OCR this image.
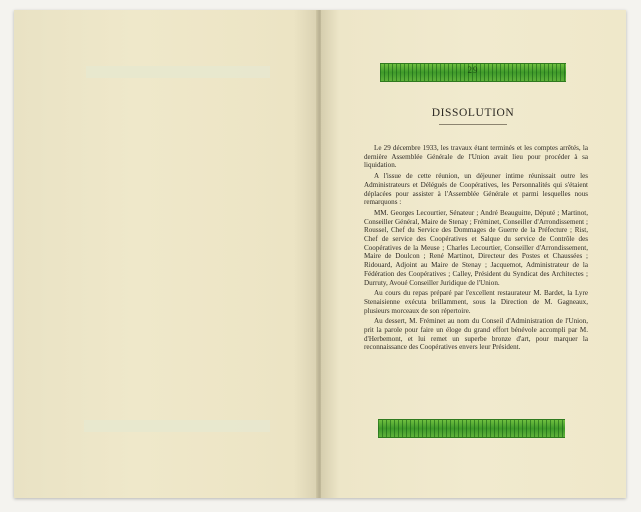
29
DISSOLUTION

Le 29 décembre 1933, les travaux étant terminés et les comptes arrêtés, la dernière Assemblée Générale de l'Union avait lieu pour procéder à sa liquidation.

A l'issue de cette réunion, un déjeuner intime réunissait outre les Administrateurs et Délégués de Coopératives, les Personnalités qui s'étaient déplacées pour assister à l'Assemblée Générale et parmi lesquelles nous remarquons :

MM. Georges Lecourtier, Sénateur ; André Beauguitte, Député ; Martinot, Conseiller Général, Maire de Stenay ; Fréminet, Conseiller d'Arrondissement ; Roussel, Chef du Service des Dommages de Guerre de la Préfecture ; Rist, Chef de service des Coopératives et Salque du service de Contrôle des Coopératives de la Meuse ; Charles Lecourtier, Conseiller d'Arrondissement, Maire de Doulcon ; René Martinot, Directeur des Postes et Chaussées ; Ridouard, Adjoint au Maire de Stenay ; Jacquemot, Administrateur de la Fédération des Coopératives ; Calley, Président du Syndicat des Architectes ; Durruty, Avoué Conseiller Juridique de l'Union.

Au cours du repas préparé par l'excellent restaurateur M. Bardet, la Lyre Stenaisienne exécuta brillamment, sous la Direction de M. Gagneaux, plusieurs morceaux de son répertoire.

Au dessert, M. Fréminet au nom du Conseil d'Administration de l'Union, prit la parole pour faire un éloge du grand effort bénévole accompli par M. d'Herbemont, et lui remet un superbe bronze d'art, pour marquer la reconnaissance des Coopératives envers leur Président.
